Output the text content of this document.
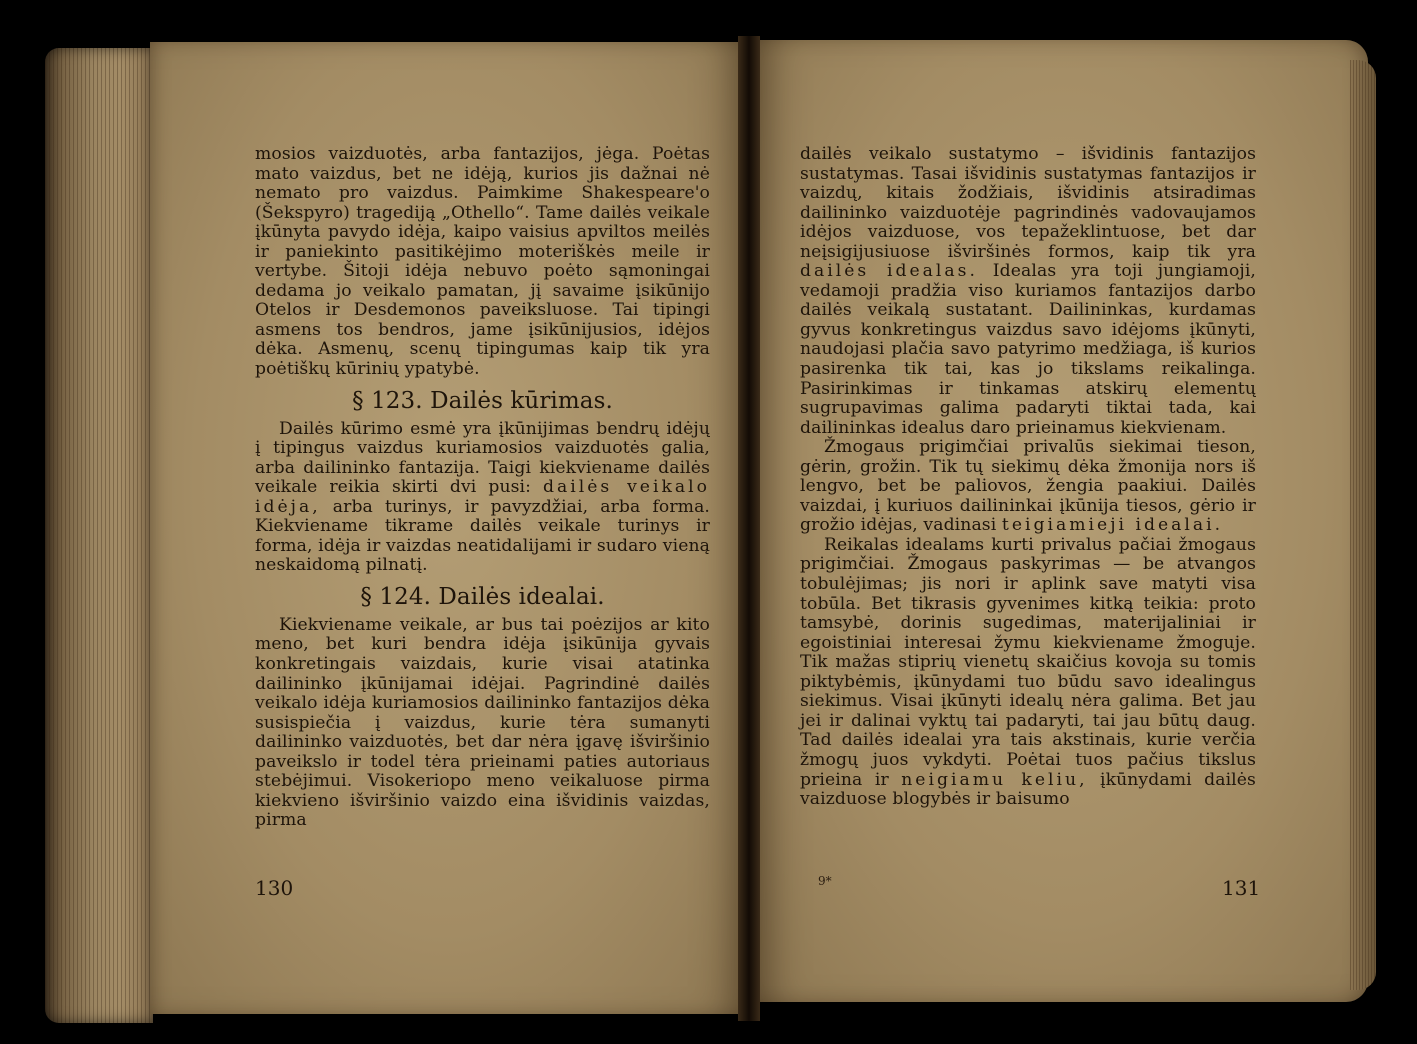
mosios vaizduotės, arba fantazijos, jėga. Poėtas mato vaizdus, bet ne idėją, kurios jis dažnai nė nemato pro vaizdus. Paimkime Shakespeare'o (Šekspyro) tragediją „Othello“. Tame dailės veikale įkūnyta pavydo idėja, kaipo vaisius apviltos meilės ir paniekinto pasitikėjimo moteriškės meile ir vertybe. Šitoji idėja nebuvo poėto sąmoningai dedama jo veikalo pamatan, jį savaime įsikūnijo Otelos ir Desdemonos paveiksluose. Tai tipingi asmens tos bendros, jame įsikūnijusios, idėjos dėka. Asmenų, scenų tipingumas kaip tik yra poėtiškų kūrinių ypatybė.

§ 123. Dailės kūrimas.

Dailės kūrimo esmė yra įkūnijimas bendrų idėjų į tipingus vaizdus kuriamosios vaizduotės galia, arba dailininko fantazija. Taigi kiekviename dailės veikale reikia skirti dvi pusi: dailės veikalo idėja, arba turinys, ir pavyzdžiai, arba forma. Kiekviename tikrame dailės veikale turinys ir forma, idėja ir vaizdas neatidalijami ir sudaro vieną neskaidomą pilnatį.

§ 124. Dailės idealai.

Kiekviename veikale, ar bus tai poėzijos ar kito meno, bet kuri bendra idėja įsikūnija gyvais konkretingais vaizdais, kurie visai atatinka dailininko įkūnijamai idėjai. Pagrindinė dailės veikalo idėja kuriamosios dailininko fantazijos dėka susispiečia į vaizdus, kurie tėra sumanyti dailininko vaizduotės, bet dar nėra įgavę išviršinio paveikslo ir todel tėra prieinami paties autoriaus stebėjimui. Visokeriopo meno veikaluose pirma kiekvieno išviršinio vaizdo eina išvidinis vaizdas, pirma

130

dailės veikalo sustatymo – išvidinis fantazijos sustatymas. Tasai išvidinis sustatymas fantazijos ir vaizdų, kitais žodžiais, išvidinis atsiradimas dailininko vaizduotėje pagrindinės vadovaujamos idėjos vaizduose, vos tepažeklintuose, bet dar neįsigijusiuose išviršinės formos, kaip tik yra dailės idealas. Idealas yra toji jungiamoji, vedamoji pradžia viso kuriamos fantazijos darbo dailės veikalą sustatant. Dailininkas, kurdamas gyvus konkretingus vaizdus savo idėjoms įkūnyti, naudojasi plačia savo patyrimo medžiaga, iš kurios pasirenka tik tai, kas jo tikslams reikalinga. Pasirinkimas ir tinkamas atskirų elementų sugrupavimas galima padaryti tiktai tada, kai dailininkas idealus daro prieinamus kiekvienam.

Žmogaus prigimčiai privalūs siekimai tieson, gėrin, grožin. Tik tų siekimų dėka žmonija nors iš lengvo, bet be paliovos, žengia paakiui. Dailės vaizdai, į kuriuos dailininkai įkūnija tiesos, gėrio ir grožio idėjas, vadinasi teigiamieji idealai.

Reikalas idealams kurti privalus pačiai žmogaus prigimčiai. Žmogaus paskyrimas — be atvangos tobulėjimas; jis nori ir aplink save matyti visa tobūla. Bet tikrasis gyvenimes kitką teikia: proto tamsybė, dorinis sugedimas, materijaliniai ir egoistiniai interesai žymu kiekviename žmoguje. Tik mažas stiprių vienetų skaičius kovoja su tomis piktybėmis, įkūnydami tuo būdu savo idealingus siekimus. Visai įkūnyti idealų nėra galima. Bet jau jei ir dalinai vyktų tai padaryti, tai jau būtų daug. Tad dailės idealai yra tais akstinais, kurie verčia žmogų juos vykdyti. Poėtai tuos pačius tikslus prieina ir neigiamu keliu, įkūnydami dailės vaizduose blogybės ir baisumo

9*	131
